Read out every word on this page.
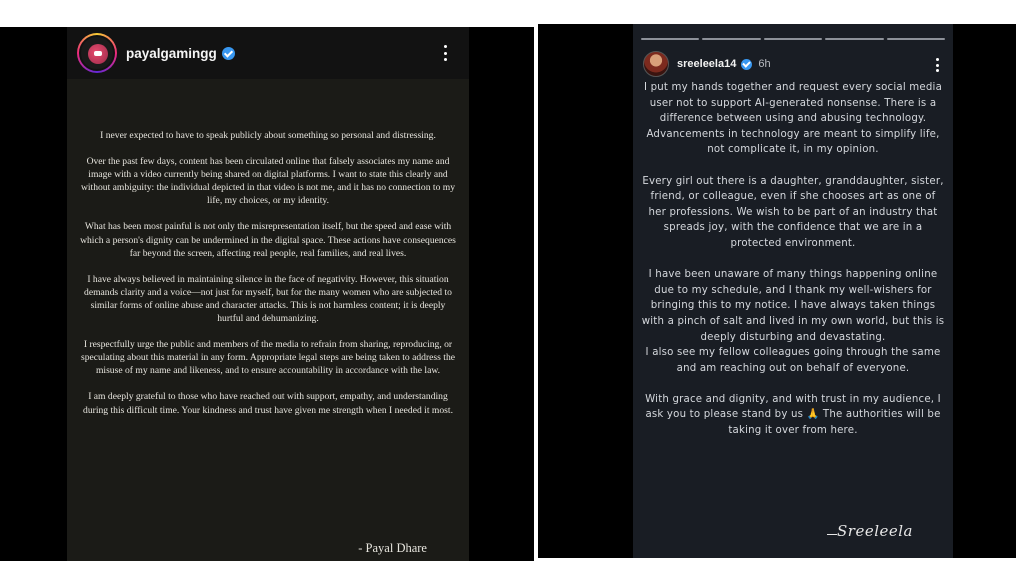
payalgamingg

I never expected to have to speak publicly about something so personal and distressing.

Over the past few days, content has been circulated online that falsely associates my name and image with a video currently being shared on digital platforms. I want to state this clearly and without ambiguity: the individual depicted in that video is not me, and it has no connection to my life, my choices, or my identity.

What has been most painful is not only the misrepresentation itself, but the speed and ease with which a person's dignity can be undermined in the digital space. These actions have consequences far beyond the screen, affecting real people, real families, and real lives.

I have always believed in maintaining silence in the face of negativity. However, this situation demands clarity and a voice—not just for myself, but for the many women who are subjected to similar forms of online abuse and character attacks. This is not harmless content; it is deeply hurtful and dehumanizing.

I respectfully urge the public and members of the media to refrain from sharing, reproducing, or speculating about this material in any form. Appropriate legal steps are being taken to address the misuse of my name and likeness, and to ensure accountability in accordance with the law.

I am deeply grateful to those who have reached out with support, empathy, and understanding during this difficult time. Your kindness and trust have given me strength when I needed it most.

- Payal Dhare
sreeleela14 6h

I put my hands together and request every social media user not to support AI-generated nonsense. There is a difference between using and abusing technology. Advancements in technology are meant to simplify life, not complicate it, in my opinion.

Every girl out there is a daughter, granddaughter, sister, friend, or colleague, even if she chooses art as one of her professions. We wish to be part of an industry that spreads joy, with the confidence that we are in a protected environment.

I have been unaware of many things happening online due to my schedule, and I thank my well-wishers for bringing this to my notice. I have always taken things with a pinch of salt and lived in my own world, but this is deeply disturbing and devastating.

I also see my fellow colleagues going through the same and am reaching out on behalf of everyone.

With grace and dignity, and with trust in my audience, I ask you to please stand by us 🙏 The authorities will be taking it over from here.

Sreeleela
